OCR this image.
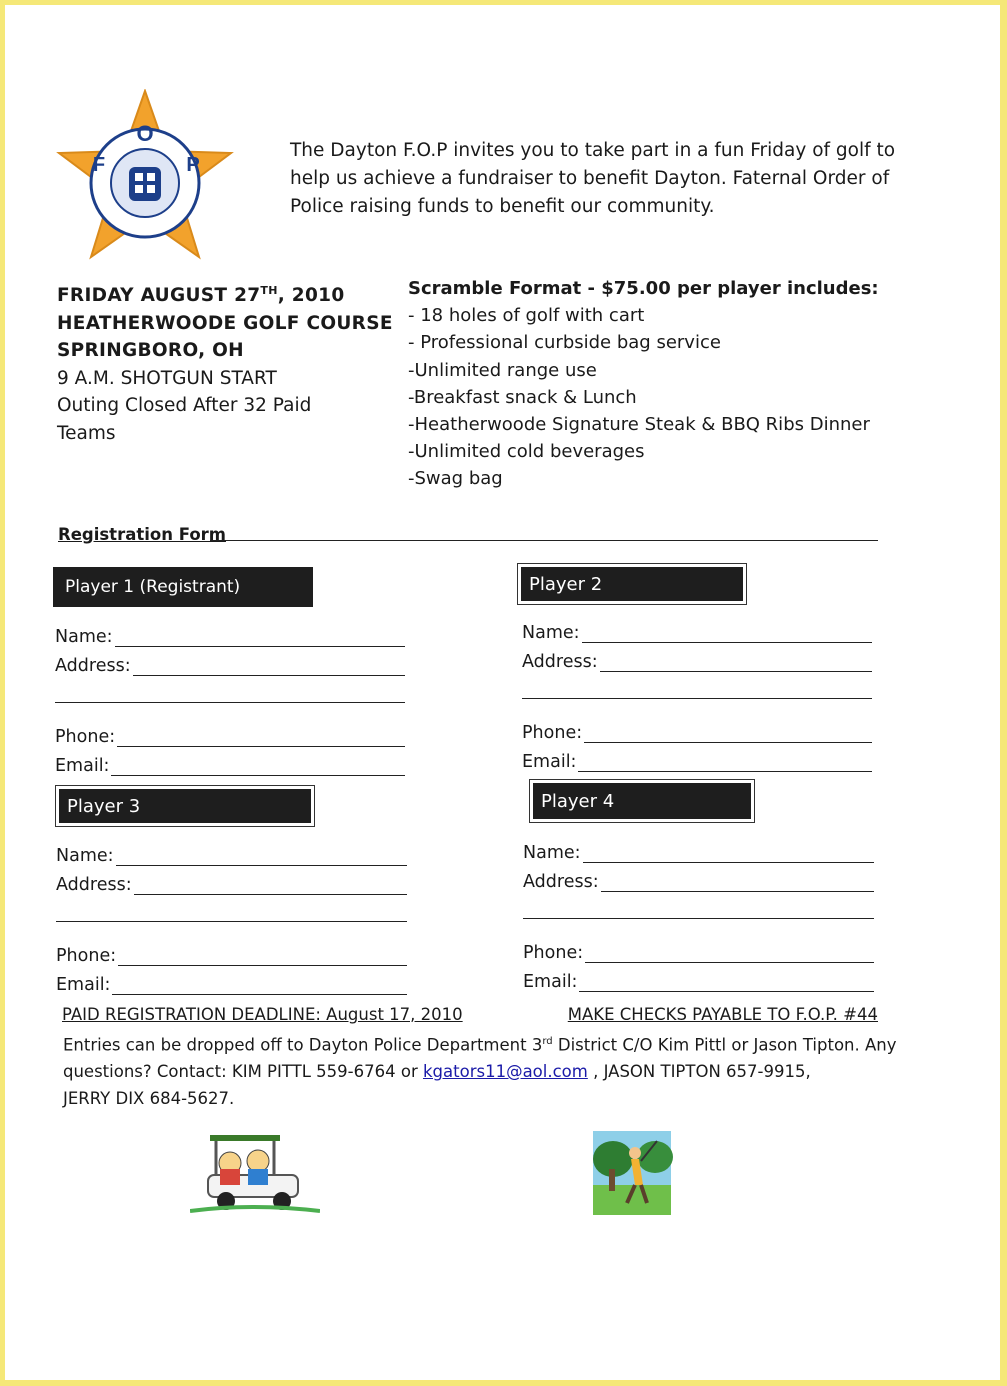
O
F	P
The Dayton F.O.P invites you to take part in a fun Friday of golf to
help us achieve a fundraiser to benefit Dayton. Faternal Order of
Police raising funds to benefit our community.
FRIDAY AUGUST 27TH, 2010
HEATHERWOODE GOLF COURSE
SPRINGBORO, OH
9 A.M. SHOTGUN START
Outing Closed After 32 Paid
Teams
Scramble Format - $75.00 per player includes:
- 18 holes of golf with cart
- Professional curbside bag service
-Unlimited range use
-Breakfast snack & Lunch
-Heatherwoode Signature Steak & BBQ Ribs Dinner
-Unlimited cold beverages
-Swag bag
Registration Form
Player 1 (Registrant)
Name:
Address:
Phone:
Email:
Player 2
Name:
Address:
Phone:
Email:
Player 3
Name:
Address:
Phone:
Email:
Player 4
Name:
Address:
Phone:
Email:
PAID REGISTRATION DEADLINE: August 17, 2010	MAKE CHECKS PAYABLE TO F.O.P. #44
Entries can be dropped off to Dayton Police Department 3rd District C/O Kim Pittl or Jason Tipton. Any
questions? Contact: KIM PITTL 559-6764 or kgators11@aol.com , JASON TIPTON 657-9915,
JERRY DIX 684-5627.
